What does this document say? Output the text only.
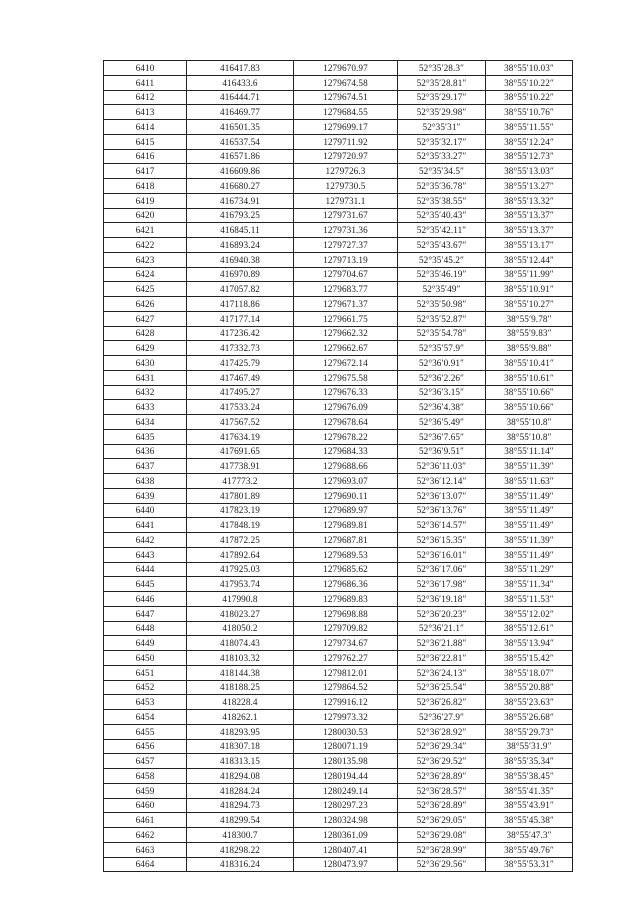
6410	416417.83	1279670.97	52°35′28.3″	38°55′10.03″
6411	416433.6	1279674.58	52°35′28.81″	38°55′10.22″
6412	416444.71	1279674.51	52°35′29.17″	38°55′10.22″
6413	416469.77	1279684.55	52°35′29.98″	38°55′10.76″
6414	416501.35	1279699.17	52°35′31″	38°55′11.55″
6415	416537.54	1279711.92	52°35′32.17″	38°55′12.24″
6416	416571.86	1279720.97	52°35′33.27″	38°55′12.73″
6417	416609.86	1279726.3	52°35′34.5″	38°55′13.03″
6418	416680.27	1279730.5	52°35′36.78″	38°55′13.27″
6419	416734.91	1279731.1	52°35′38.55″	38°55′13.32″
6420	416793.25	1279731.67	52°35′40.43″	38°55′13.37″
6421	416845.11	1279731.36	52°35′42.11″	38°55′13.37″
6422	416893.24	1279727.37	52°35′43.67″	38°55′13.17″
6423	416940.38	1279713.19	52°35′45.2″	38°55′12.44″
6424	416970.89	1279704.67	52°35′46.19″	38°55′11.99″
6425	417057.82	1279683.77	52°35′49″	38°55′10.91″
6426	417118.86	1279671.37	52°35′50.98″	38°55′10.27″
6427	417177.14	1279661.75	52°35′52.87″	38°55′9.78″
6428	417236.42	1279662.32	52°35′54.78″	38°55′9.83″
6429	417332.73	1279662.67	52°35′57.9″	38°55′9.88″
6430	417425.79	1279672.14	52°36′0.91″	38°55′10.41″
6431	417467.49	1279675.58	52°36′2.26″	38°55′10.61″
6432	417495.27	1279676.33	52°36′3.15″	38°55′10.66″
6433	417533.24	1279676.09	52°36′4.38″	38°55′10.66″
6434	417567.52	1279678.64	52°36′5.49″	38°55′10.8″
6435	417634.19	1279678.22	52°36′7.65″	38°55′10.8″
6436	417691.65	1279684.33	52°36′9.51″	38°55′11.14″
6437	417738.91	1279688.66	52°36′11.03″	38°55′11.39″
6438	417773.2	1279693.07	52°36′12.14″	38°55′11.63″
6439	417801.89	1279690.11	52°36′13.07″	38°55′11.49″
6440	417823.19	1279689.97	52°36′13.76″	38°55′11.49″
6441	417848.19	1279689.81	52°36′14.57″	38°55′11.49″
6442	417872.25	1279687.81	52°36′15.35″	38°55′11.39″
6443	417892.64	1279689.53	52°36′16.01″	38°55′11.49″
6444	417925.03	1279685.62	52°36′17.06″	38°55′11.29″
6445	417953.74	1279686.36	52°36′17.98″	38°55′11.34″
6446	417990.8	1279689.83	52°36′19.18″	38°55′11.53″
6447	418023.27	1279698.88	52°36′20.23″	38°55′12.02″
6448	418050.2	1279709.82	52°36′21.1″	38°55′12.61″
6449	418074.43	1279734.67	52°36′21.88″	38°55′13.94″
6450	418103.32	1279762.27	52°36′22.81″	38°55′15.42″
6451	418144.38	1279812.01	52°36′24.13″	38°55′18.07″
6452	418188.25	1279864.52	52°36′25.54″	38°55′20.88″
6453	418228.4	1279916.12	52°36′26.82″	38°55′23.63″
6454	418262.1	1279973.32	52°36′27.9″	38°55′26.68″
6455	418293.95	1280030.53	52°36′28.92″	38°55′29.73″
6456	418307.18	1280071.19	52°36′29.34″	38°55′31.9″
6457	418313.15	1280135.98	52°36′29.52″	38°55′35.34″
6458	418294.08	1280194.44	52°36′28.89″	38°55′38.45″
6459	418284.24	1280249.14	52°36′28.57″	38°55′41.35″
6460	418294.73	1280297.23	52°36′28.89″	38°55′43.91″
6461	418299.54	1280324.98	52°36′29.05″	38°55′45.38″
6462	418300.7	1280361.09	52°36′29.08″	38°55′47.3″
6463	418298.22	1280407.41	52°36′28.99″	38°55′49.76″
6464	418316.24	1280473.97	52°36′29.56″	38°55′53.31″
